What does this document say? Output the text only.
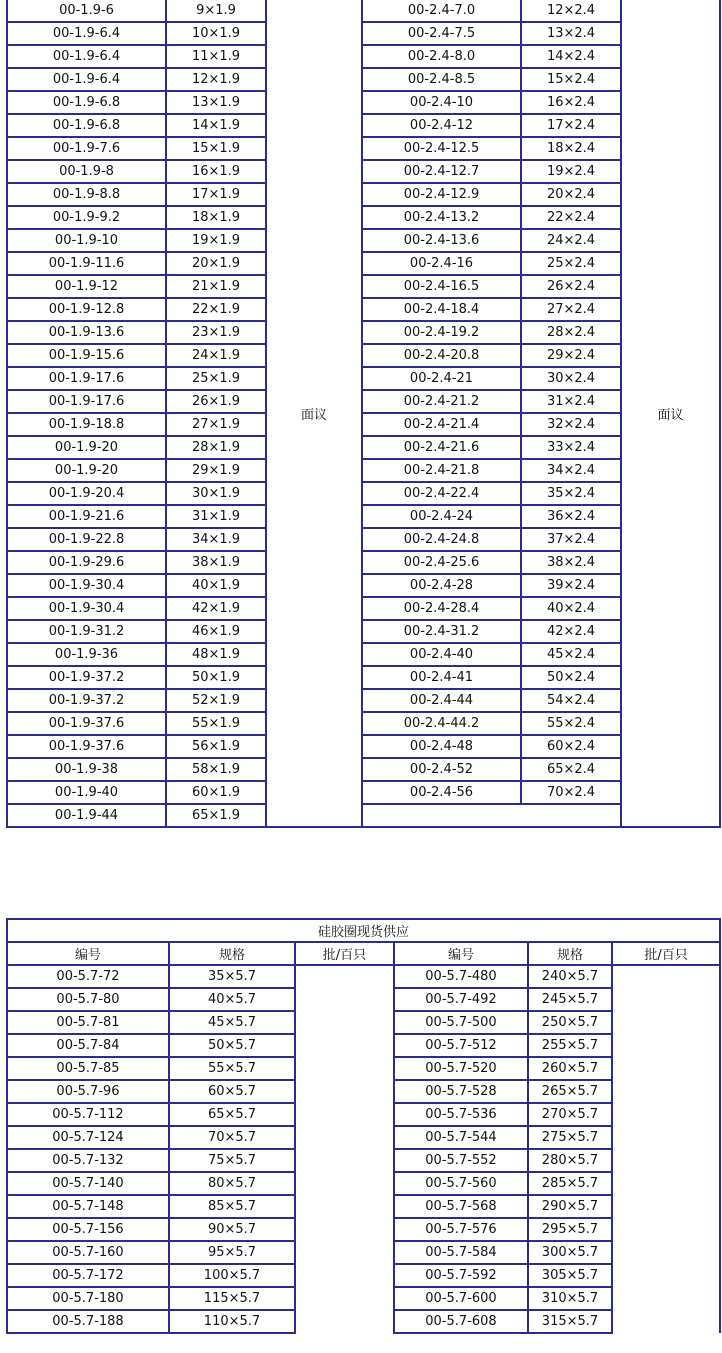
00-1.9-6	9×1.9	面议	00-2.4-7.0	12×2.4	面议
00-1.9-6.4	10×1.9		00-2.4-7.5	13×2.4	
00-1.9-6.4	11×1.9		00-2.4-8.0	14×2.4	
00-1.9-6.4	12×1.9		00-2.4-8.5	15×2.4	
00-1.9-6.8	13×1.9		00-2.4-10	16×2.4	
00-1.9-6.8	14×1.9		00-2.4-12	17×2.4	
00-1.9-7.6	15×1.9		00-2.4-12.5	18×2.4	
00-1.9-8	16×1.9		00-2.4-12.7	19×2.4	
00-1.9-8.8	17×1.9		00-2.4-12.9	20×2.4	
00-1.9-9.2	18×1.9		00-2.4-13.2	22×2.4	
00-1.9-10	19×1.9		00-2.4-13.6	24×2.4	
00-1.9-11.6	20×1.9		00-2.4-16	25×2.4	
00-1.9-12	21×1.9		00-2.4-16.5	26×2.4	
00-1.9-12.8	22×1.9		00-2.4-18.4	27×2.4	
00-1.9-13.6	23×1.9		00-2.4-19.2	28×2.4	
00-1.9-15.6	24×1.9		00-2.4-20.8	29×2.4	
00-1.9-17.6	25×1.9		00-2.4-21	30×2.4	
00-1.9-17.6	26×1.9		00-2.4-21.2	31×2.4	
00-1.9-18.8	27×1.9		00-2.4-21.4	32×2.4	
00-1.9-20	28×1.9		00-2.4-21.6	33×2.4	
00-1.9-20	29×1.9		00-2.4-21.8	34×2.4	
00-1.9-20.4	30×1.9		00-2.4-22.4	35×2.4	
00-1.9-21.6	31×1.9		00-2.4-24	36×2.4	
00-1.9-22.8	34×1.9		00-2.4-24.8	37×2.4	
00-1.9-29.6	38×1.9		00-2.4-25.6	38×2.4	
00-1.9-30.4	40×1.9		00-2.4-28	39×2.4	
00-1.9-30.4	42×1.9		00-2.4-28.4	40×2.4	
00-1.9-31.2	46×1.9		00-2.4-31.2	42×2.4	
00-1.9-36	48×1.9		00-2.4-40	45×2.4	
00-1.9-37.2	50×1.9		00-2.4-41	50×2.4	
00-1.9-37.2	52×1.9		00-2.4-44	54×2.4	
00-1.9-37.6	55×1.9		00-2.4-44.2	55×2.4	
00-1.9-37.6	56×1.9		00-2.4-48	60×2.4	
00-1.9-38	58×1.9		00-2.4-52	65×2.4	
00-1.9-40	60×1.9		00-2.4-56	70×2.4	
00-1.9-44	65×1.9				
硅胶圈现货供应					
编号	规格	批/百只	编号	规格	批/百只
00-5.7-72	35×5.7		00-5.7-480	240×5.7	
00-5.7-80	40×5.7		00-5.7-492	245×5.7	
00-5.7-81	45×5.7		00-5.7-500	250×5.7	
00-5.7-84	50×5.7		00-5.7-512	255×5.7	
00-5.7-85	55×5.7		00-5.7-520	260×5.7	
00-5.7-96	60×5.7		00-5.7-528	265×5.7	
00-5.7-112	65×5.7		00-5.7-536	270×5.7	
00-5.7-124	70×5.7		00-5.7-544	275×5.7	
00-5.7-132	75×5.7		00-5.7-552	280×5.7	
00-5.7-140	80×5.7		00-5.7-560	285×5.7	
00-5.7-148	85×5.7		00-5.7-568	290×5.7	
00-5.7-156	90×5.7		00-5.7-576	295×5.7	
00-5.7-160	95×5.7		00-5.7-584	300×5.7	
00-5.7-172	100×5.7		00-5.7-592	305×5.7	
00-5.7-180	115×5.7		00-5.7-600	310×5.7	
00-5.7-188	110×5.7		00-5.7-608	315×5.7	
